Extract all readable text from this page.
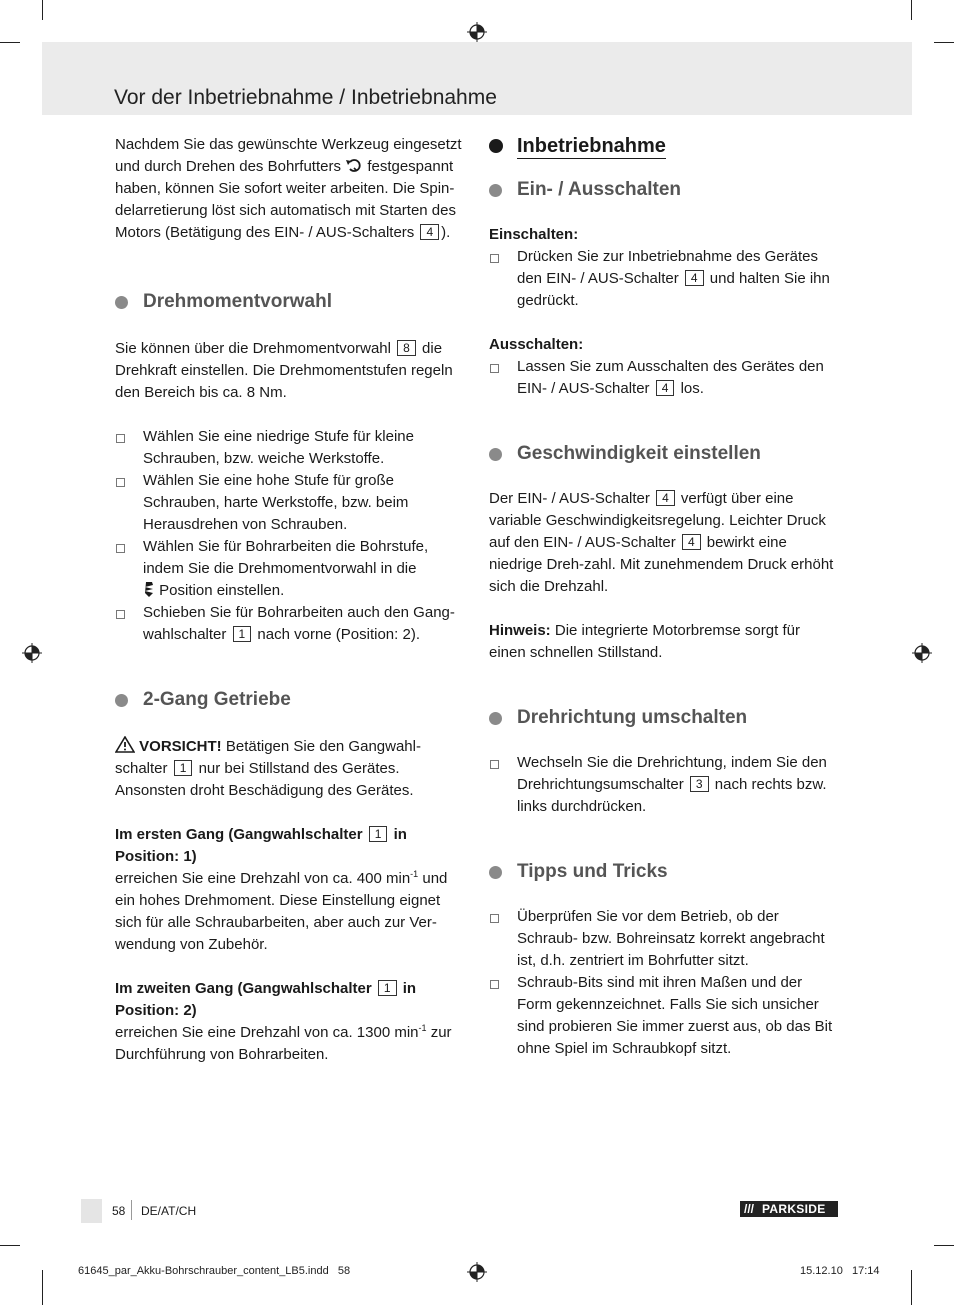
Vor der Inbetriebnahme / Inbetriebnahme

Nachdem Sie das gewünschte Werkzeug eingesetzt und durch Drehen des Bohrfutters festgespannt haben, können Sie sofort weiter arbeiten. Die Spin-delarretierung löst sich automatisch mit Starten des Motors (Betätigung des EIN- / AUS-Schalters 4 ).

Drehmomentvorwahl

Sie können über die Drehmomentvorwahl 8 die Drehkraft einstellen. Die Drehmomentstufen regeln den Bereich bis ca. 8 Nm.

Wählen Sie eine niedrige Stufe für kleine Schrauben, bzw. weiche Werkstoffe.

Wählen Sie eine hohe Stufe für große Schrauben, harte Werkstoffe, bzw. beim Herausdrehen von Schrauben.

Wählen Sie für Bohrarbeiten die Bohrstufe, indem Sie die Drehmomentvorwahl in die
Position einstellen.

Schieben Sie für Bohrarbeiten auch den Gang-wahlschalter 1 nach vorne (Position: 2).

2-Gang Getriebe

VORSICHT! Betätigen Sie den Gangwahl-schalter 1 nur bei Stillstand des Gerätes. Ansonsten droht Beschädigung des Gerätes.

Im ersten Gang (Gangwahlschalter 1 in Position: 1)

erreichen Sie eine Drehzahl von ca. 400 $\min^{-1}$ und ein hohes Drehmoment. Diese Einstellung eignet sich für alle Schraubarbeiten, aber auch zur Ver-wendung von Zubehör.

Im zweiten Gang (Gangwahlschalter 1 in Position: 2)

erreichen Sie eine Drehzahl von ca. 1300 $\min^{-1}$ zur Durchführung von Bohrarbeiten.

Inbetriebnahme
Ein- / Ausschalten

Einschalten:

Drücken Sie zur Inbetriebnahme des Gerätes den EIN- / AUS-Schalter 4 und halten Sie ihn gedrückt.

Ausschalten:

Lassen Sie zum Ausschalten des Gerätes den EIN- / AUS-Schalter 4 los.

Geschwindigkeit einstellen

Der EIN- / AUS-Schalter 4 verfügt über eine variable Geschwindigkeitsregelung. Leichter Druck auf den EIN- / AUS-Schalter 4 bewirkt eine niedrige Dreh-zahl. Mit zunehmendem Druck erhöht sich die Drehzahl.

Hinweis: Die integrierte Motorbremse sorgt für einen schnellen Stillstand.

Drehrichtung umschalten

Wechseln Sie die Drehrichtung, indem Sie den Drehrichtungsumschalter 3 nach rechts bzw. links durchdrücken.

Tipps und Tricks

Überprüfen Sie vor dem Betrieb, ob der Schraub- bzw. Bohreinsatz korrekt angebracht ist, d.h. zentriert im Bohrfutter sitzt.

Schraub-Bits sind mit ihren Maßen und der Form gekennzeichnet. Falls Sie sich unsicher sind probieren Sie immer zuerst aus, ob das Bit ohne Spiel im Schraubkopf sitzt.

58 DE/AT/CH	/// PARKSIDE
61645_par_Akku-Bohrschrauber_content_LB5.indd 58	15.12.10 17:14
